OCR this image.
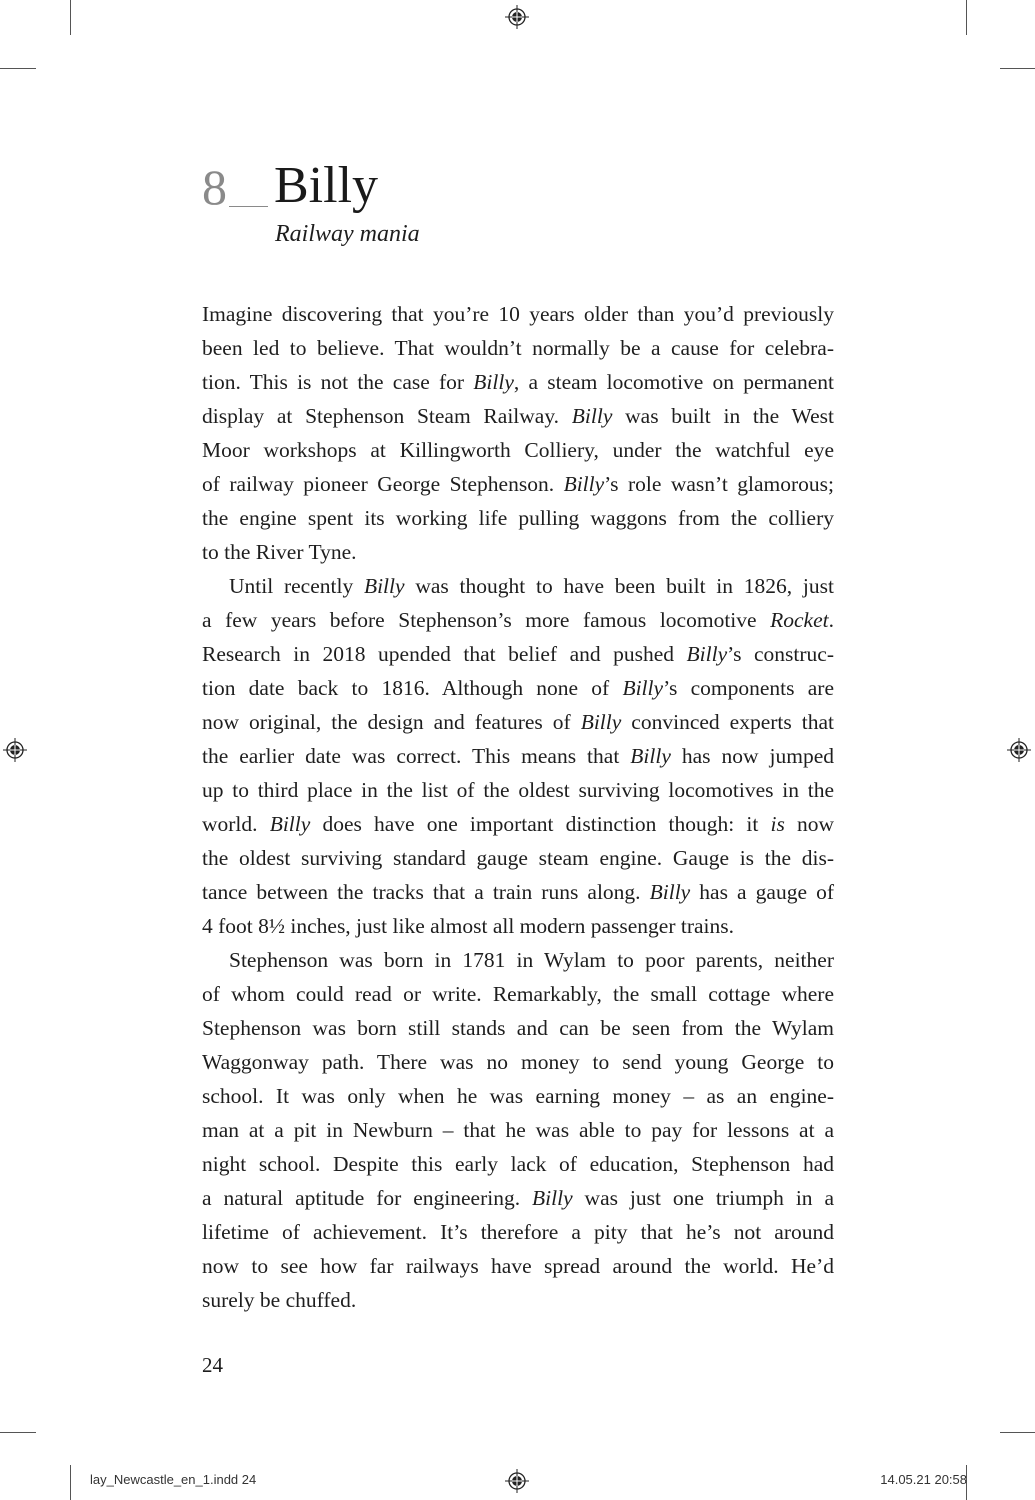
8 Billy
Railway mania
Imagine discovering that you’re 10 years older than you’d previously
been led to believe. That wouldn’t normally be a cause for celebra-
tion. This is not the case for Billy, a steam locomotive on permanent
display at Stephenson Steam Railway. Billy was built in the West
Moor workshops at Killingworth Colliery, under the watchful eye
of railway pioneer George Stephenson. Billy’s role wasn’t glamorous;
the engine spent its working life pulling waggons from the colliery
to the River Tyne.
Until recently Billy was thought to have been built in 1826, just
a few years before Stephenson’s more famous locomotive Rocket.
Research in 2018 upended that belief and pushed Billy’s construc-
tion date back to 1816. Although none of Billy’s components are
now original, the design and features of Billy convinced experts that
the earlier date was correct. This means that Billy has now jumped
up to third place in the list of the oldest surviving locomotives in the
world. Billy does have one important distinction though: it is now
the oldest surviving standard gauge steam engine. Gauge is the dis-
tance between the tracks that a train runs along. Billy has a gauge of
4 foot 8½ inches, just like almost all modern passenger trains.
Stephenson was born in 1781 in Wylam to poor parents, neither
of whom could read or write. Remarkably, the small cottage where
Stephenson was born still stands and can be seen from the Wylam
Waggonway path. There was no money to send young George to
school. It was only when he was earning money – as an engine-
man at a pit in Newburn – that he was able to pay for lessons at a
night school. Despite this early lack of education, Stephenson had
a natural aptitude for engineering. Billy was just one triumph in a
lifetime of achievement. It’s therefore a pity that he’s not around
now to see how far railways have spread around the world. He’d
surely be chuffed.
24
lay_Newcastle_en_1.indd 24	14.05.21 20:58
